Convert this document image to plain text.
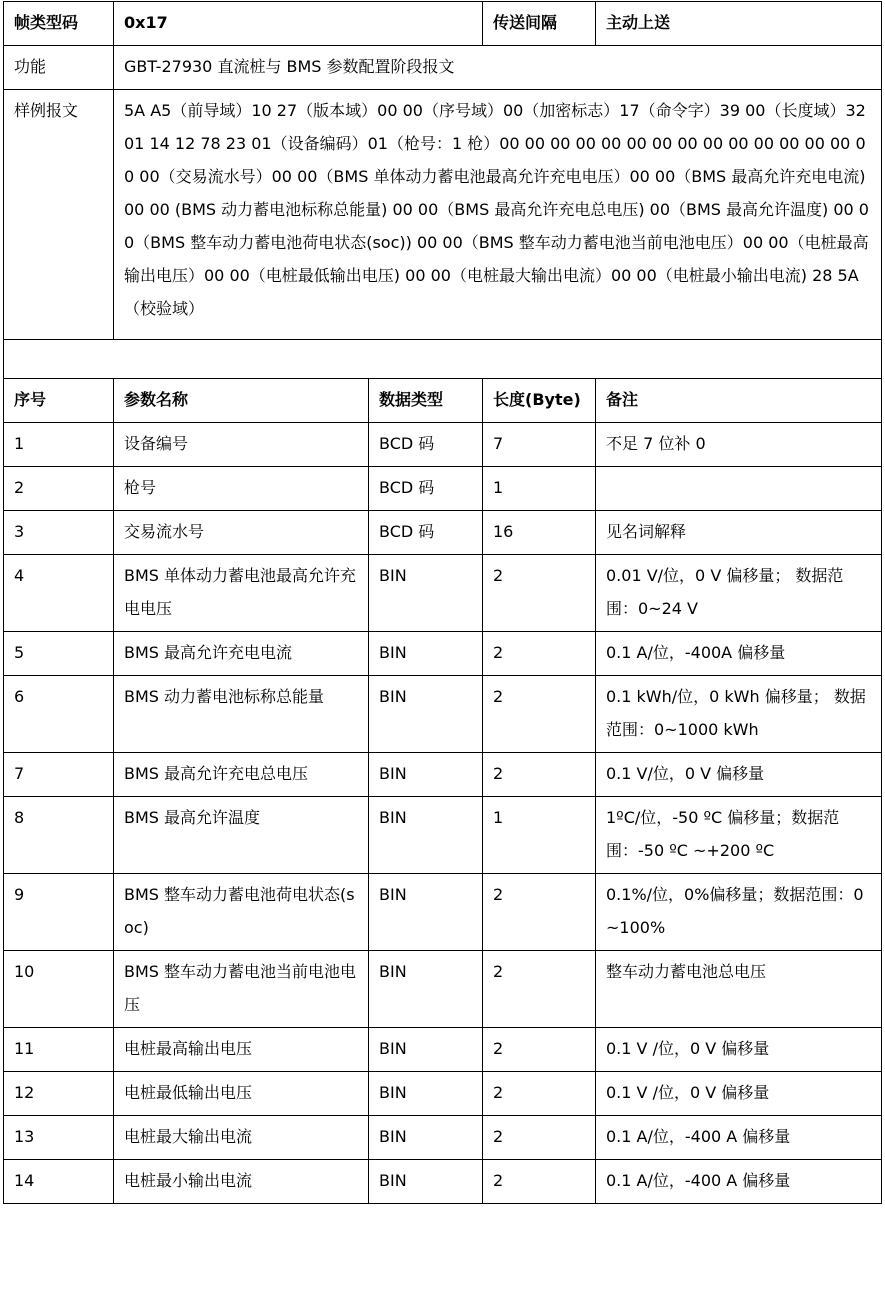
帧类型码	0x17		传送间隔	主动上送
功能	GBT-27930 直流桩与 BMS 参数配置阶段报文			
样例报文	5A A5（前导域）10 27（版本域）00 00（序号域）00（加密标志）17（命令字）39 00（长度域）32 01 14 12 78 23 01（设备编码）01（枪号：1 枪）00 00 00 00 00 00 00 00 00 00 00 00 00 00 00 00（交易流水号）00 00（BMS 单体动力蓄电池最高允许充电电压）00 00（BMS 最高允许充电电流) 00 00 (BMS 动力蓄电池标称总能量) 00 00（BMS 最高允许充电总电压) 00（BMS 最高允许温度) 00 00（BMS 整车动力蓄电池荷电状态(soc)) 00 00（BMS 整车动力蓄电池当前电池电压）00 00（电桩最高输出电压）00 00（电桩最低输出电压) 00 00（电桩最大输出电流）00 00（电桩最小输出电流) 28 5A（校验域）			

序号	参数名称	数据类型	长度(Byte)	备注
1	设备编号	BCD 码	7	不足 7 位补 0
2	枪号	BCD 码	1	
3	交易流水号	BCD 码	16	见名词解释
4	BMS 单体动力蓄电池最高允许充电电压	BIN	2	0.01 V/位，0 V 偏移量； 数据范围：0~24 V
5	BMS 最高允许充电电流	BIN	2	0.1 A/位，-400A 偏移量
6	BMS 动力蓄电池标称总能量	BIN	2	0.1 kWh/位，0 kWh 偏移量； 数据范围：0~1000 kWh
7	BMS 最高允许充电总电压	BIN	2	0.1 V/位，0 V 偏移量
8	BMS 最高允许温度	BIN	1	1ºC/位，-50 ºC 偏移量；数据范围：-50 ºC ~+200 ºC
9	BMS 整车动力蓄电池荷电状态(soc)	BIN	2	0.1%/位，0%偏移量；数据范围：0~100%
10	BMS 整车动力蓄电池当前电池电压	BIN	2	整车动力蓄电池总电压
11	电桩最高输出电压	BIN	2	0.1 V /位，0 V 偏移量
12	电桩最低输出电压	BIN	2	0.1 V /位，0 V 偏移量
13	电桩最大输出电流	BIN	2	0.1 A/位，-400 A 偏移量
14	电桩最小输出电流	BIN	2	0.1 A/位，-400 A 偏移量
